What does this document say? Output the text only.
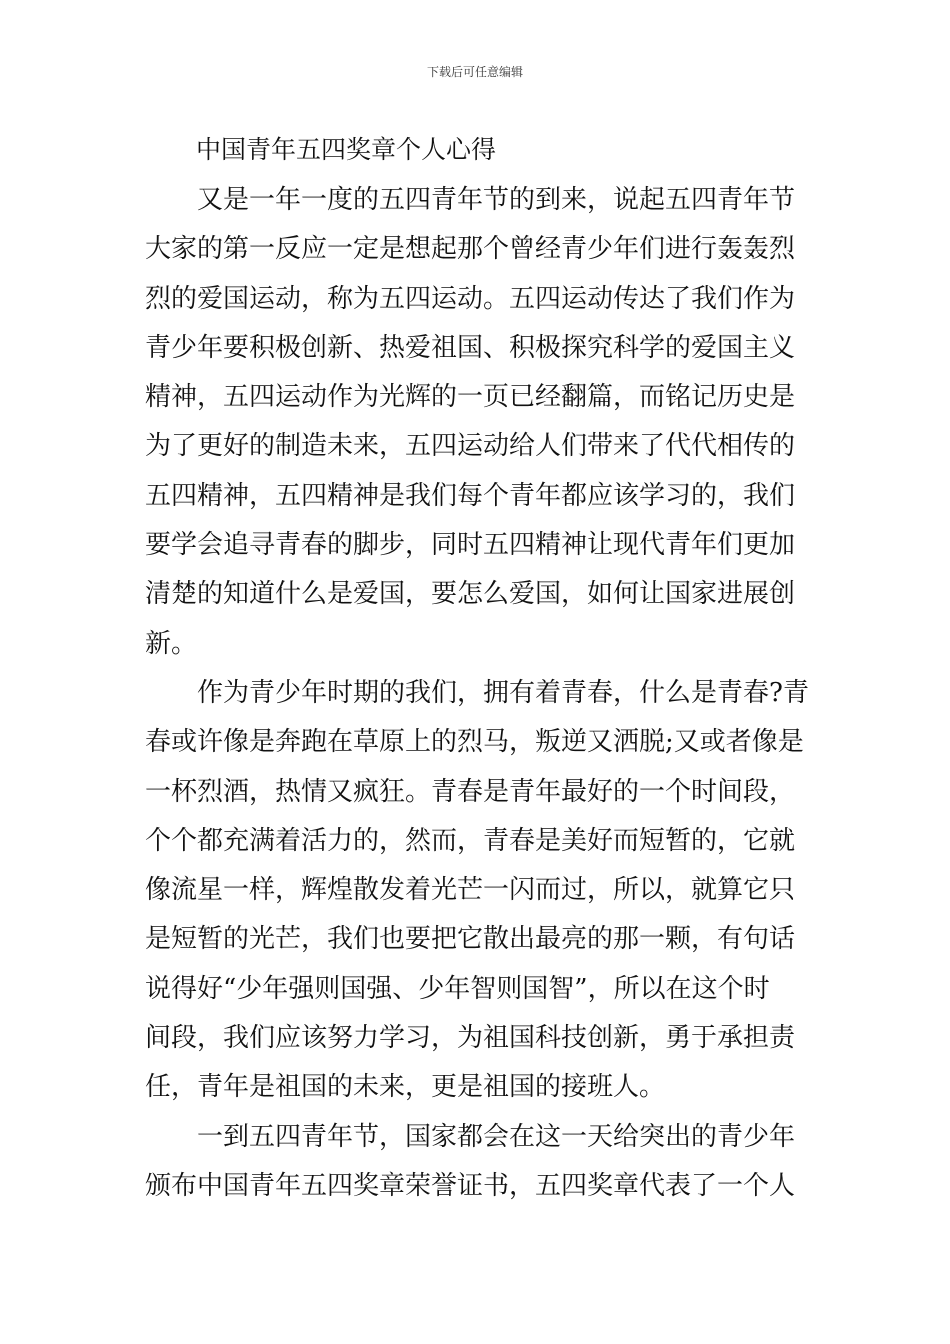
下载后可任意编辑
中国青年五四奖章个人心得
又是一年一度的五四青年节的到来，说起五四青年节
大家的第一反应一定是想起那个曾经青少年们进行轰轰烈
烈的爱国运动，称为五四运动。五四运动传达了我们作为
青少年要积极创新、热爱祖国、积极探究科学的爱国主义
精神，五四运动作为光辉的一页已经翻篇，而铭记历史是
为了更好的制造未来，五四运动给人们带来了代代相传的
五四精神，五四精神是我们每个青年都应该学习的，我们
要学会追寻青春的脚步，同时五四精神让现代青年们更加
清楚的知道什么是爱国，要怎么爱国，如何让国家进展创
新。
作为青少年时期的我们，拥有着青春，什么是青春?青
春或许像是奔跑在草原上的烈马，叛逆又洒脱;又或者像是
一杯烈酒，热情又疯狂。青春是青年最好的一个时间段，
个个都充满着活力的，然而，青春是美好而短暂的，它就
像流星一样，辉煌散发着光芒一闪而过，所以，就算它只
是短暂的光芒，我们也要把它散出最亮的那一颗，有句话
说得好“少年强则国强、少年智则国智”，所以在这个时
间段，我们应该努力学习，为祖国科技创新，勇于承担责
任，青年是祖国的未来，更是祖国的接班人。
一到五四青年节，国家都会在这一天给突出的青少年
颁布中国青年五四奖章荣誉证书，五四奖章代表了一个人
